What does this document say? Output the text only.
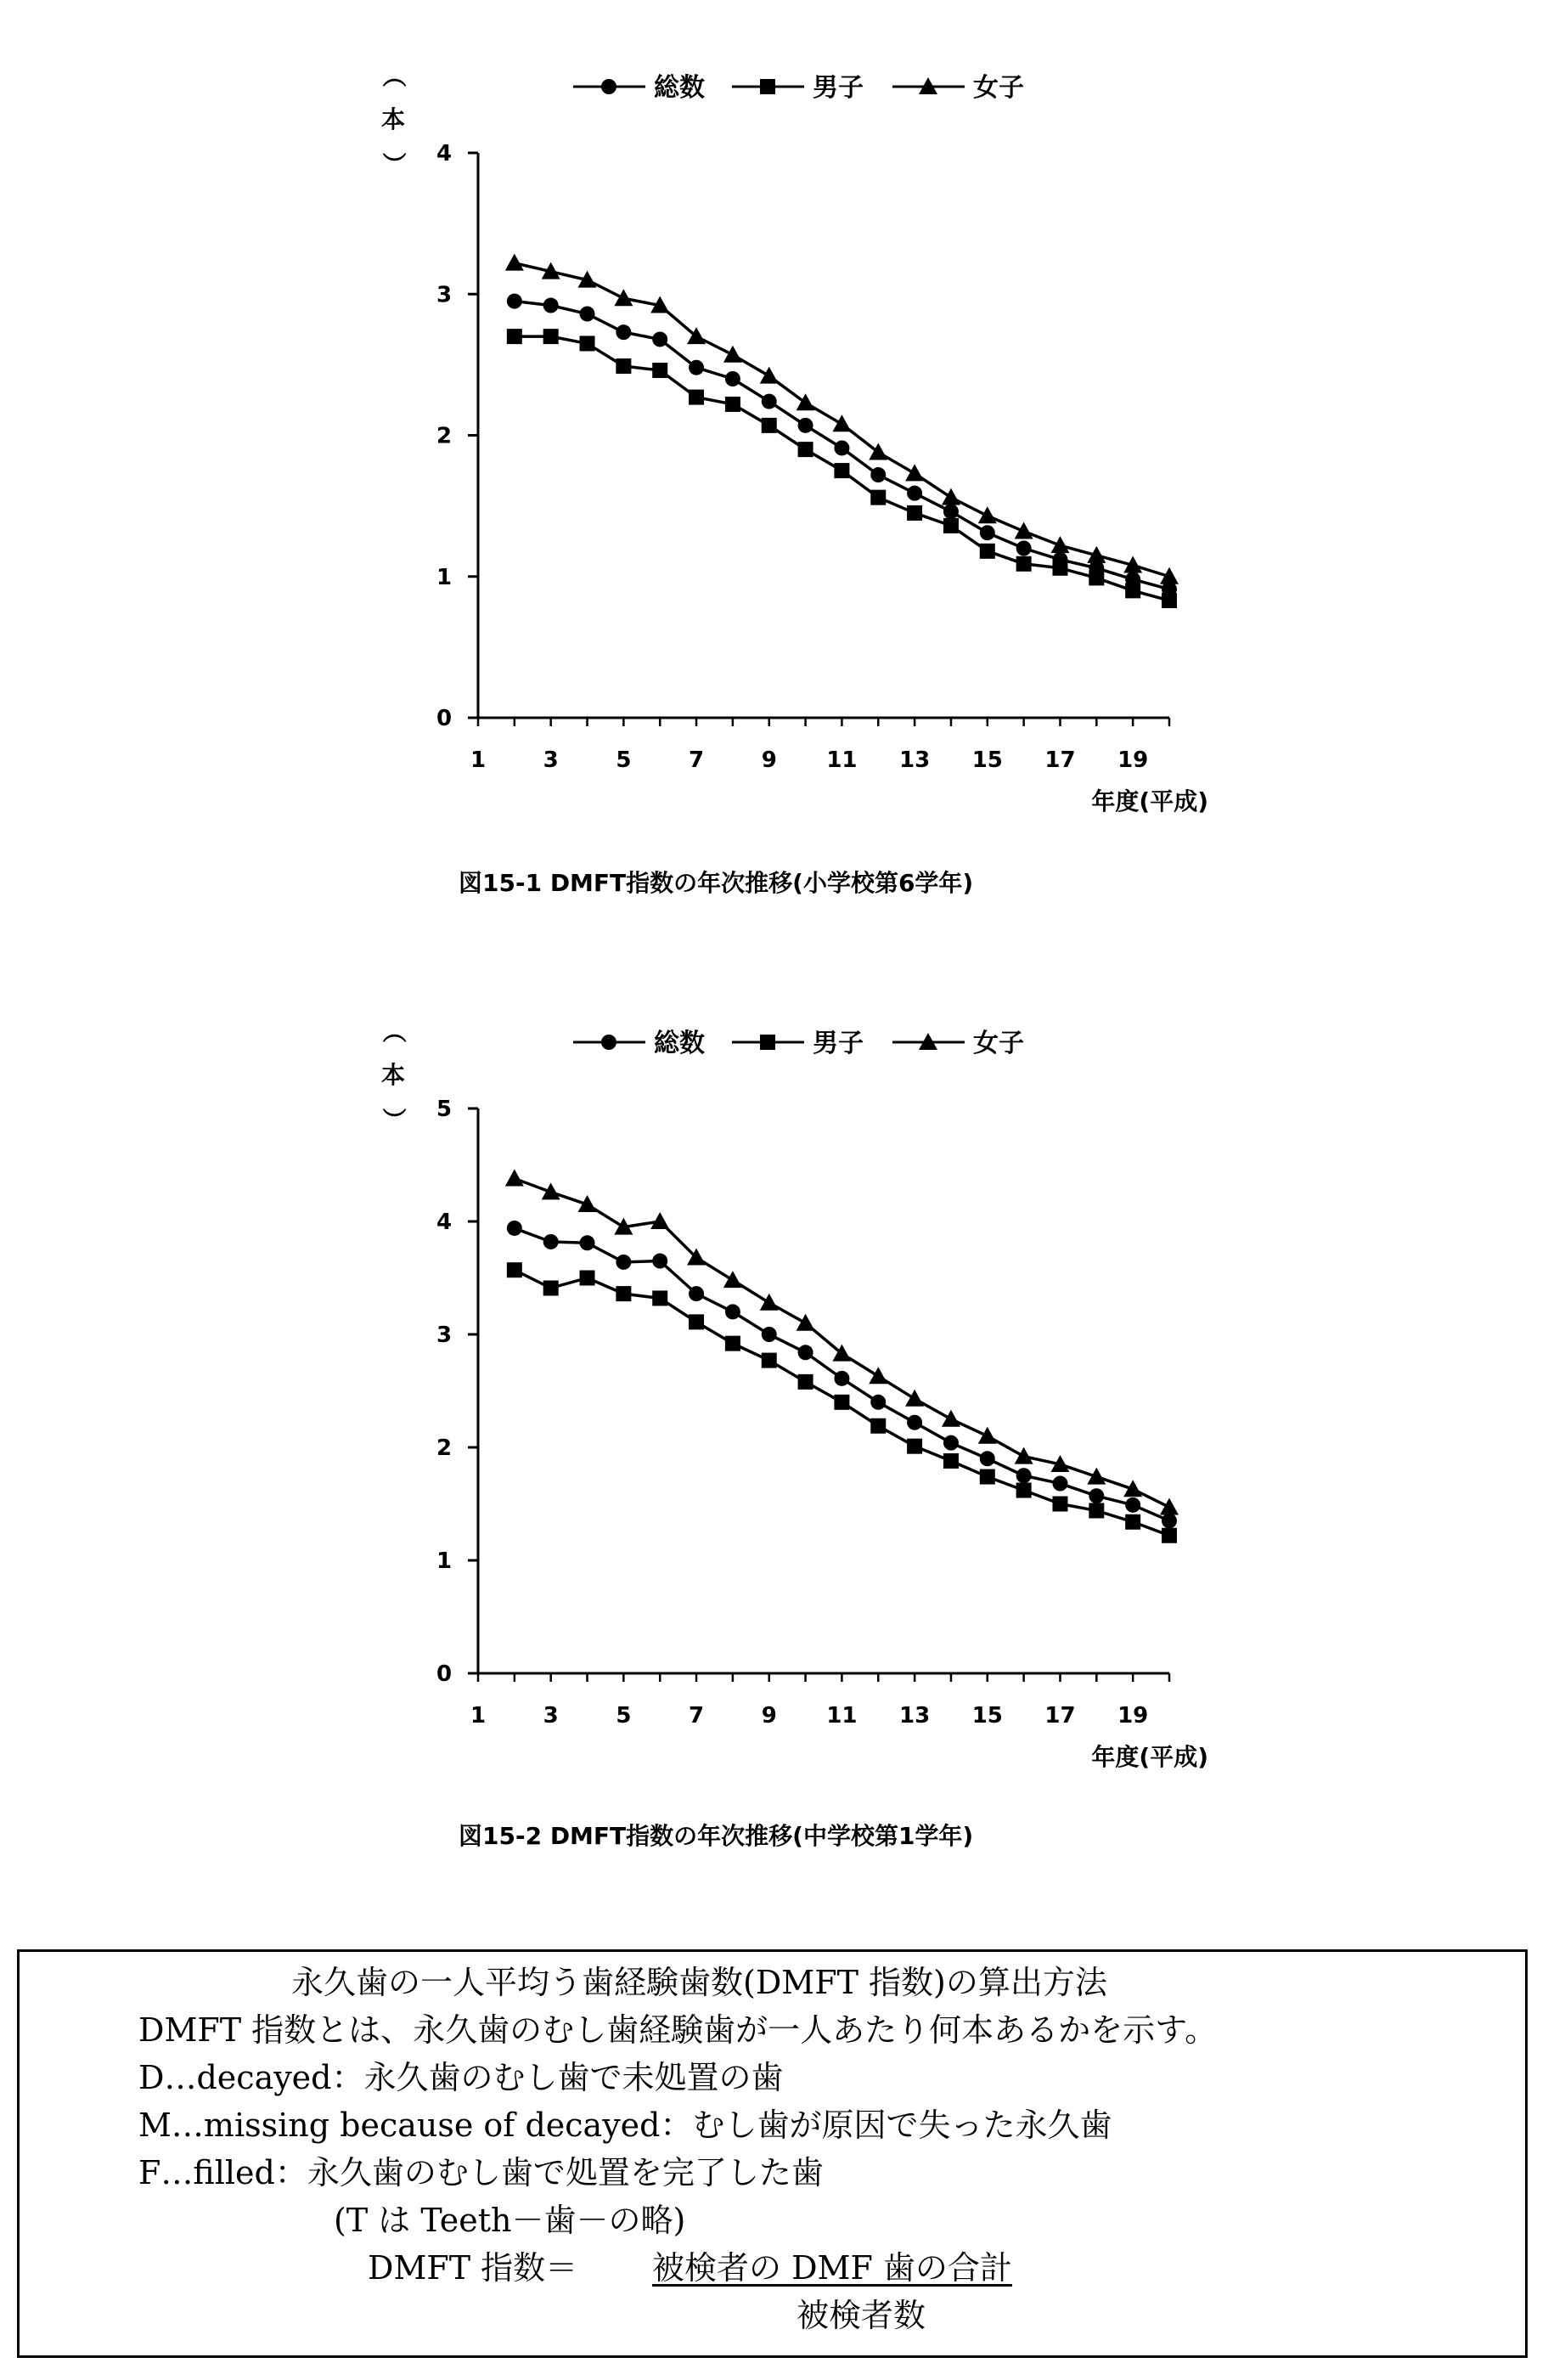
0
1
2
3
4
1	3	5	7	9 11 13 15 17 19
年度(平成)
（
本
）
総数	男子	女子
図15-1 DMFT指数の年次推移(小学校第6学年)
0
1
2
3
4
5
1	3	5	7	9 11 13 15 17 19
年度(平成)
（
本
）
総数	男子	女子
図15-2 DMFT指数の年次推移(中学校第1学年)
永久歯の一人平均う歯経験歯数(DMFT 指数)の算出方法
DMFT 指数とは、永久歯のむし歯経験歯が一人あたり何本あるかを示す。
D…decayed：永久歯のむし歯で未処置の歯
M…missing because of decayed：むし歯が原因で失った永久歯
F…filled：永久歯のむし歯で処置を完了した歯
(T は Teeth－歯－の略)
DMFT 指数＝ 被検者の DMF 歯の合計
被検者数
